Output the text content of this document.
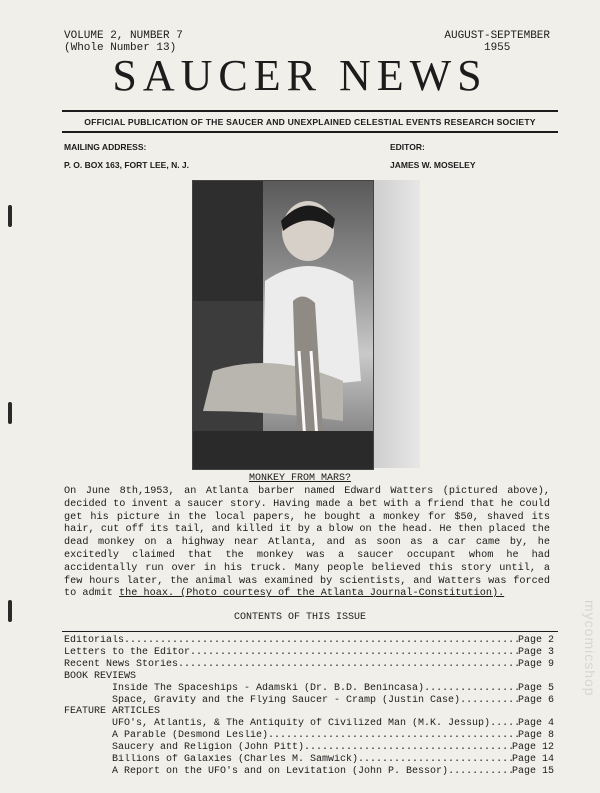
VOLUME 2, NUMBER 7
(Whole Number 13)
AUGUST-SEPTEMBER
1955
SAUCER NEWS
OFFICIAL PUBLICATION OF THE SAUCER AND UNEXPLAINED CELESTIAL EVENTS RESEARCH SOCIETY
MAILING ADDRESS:
P. O. BOX 163, FORT LEE, N. J.
EDITOR:
JAMES W. MOSELEY
MONKEY FROM MARS?
On June 8th,1953, an Atlanta barber named Edward Watters (pictured above), decided to invent a saucer story. Having made a bet with a friend that he could get his picture in the local papers, he bought a monkey for $50, shaved its hair, cut off its tail, and killed it by a blow on the head. He then placed the dead monkey on a highway near Atlanta, and as soon as a car came by, he excitedly claimed that the monkey was a saucer occupant whom he had accidentally run over in his truck. Many people believed this story until, a few hours later, the animal was examined by scientists, and Watters was forced to admit the hoax. (Photo courtesy of the Atlanta Journal-Constitution).
CONTENTS OF THIS ISSUE
Editorials .....	Page 2
Letters to the Editor .....	Page 3
Recent News Stories .....	Page 9
BOOK REVIEWS
Inside The Spaceships - Adamski (Dr. B.D. Benincasa) .....	Page 5
Space, Gravity and the Flying Saucer - Cramp (Justin Case) .....	Page 6
FEATURE ARTICLES
UFO's, Atlantis, & The Antiquity of Civilized Man (M.K. Jessup) .....	Page 4
A Parable (Desmond Leslie) .....	Page 8
Saucery and Religion (John Pitt) .....	Page 12
Billions of Galaxies (Charles M. Samwick) .....	Page 14
A Report on the UFO's and on Levitation (John P. Bessor) .....	Page 15
mycomicshop
